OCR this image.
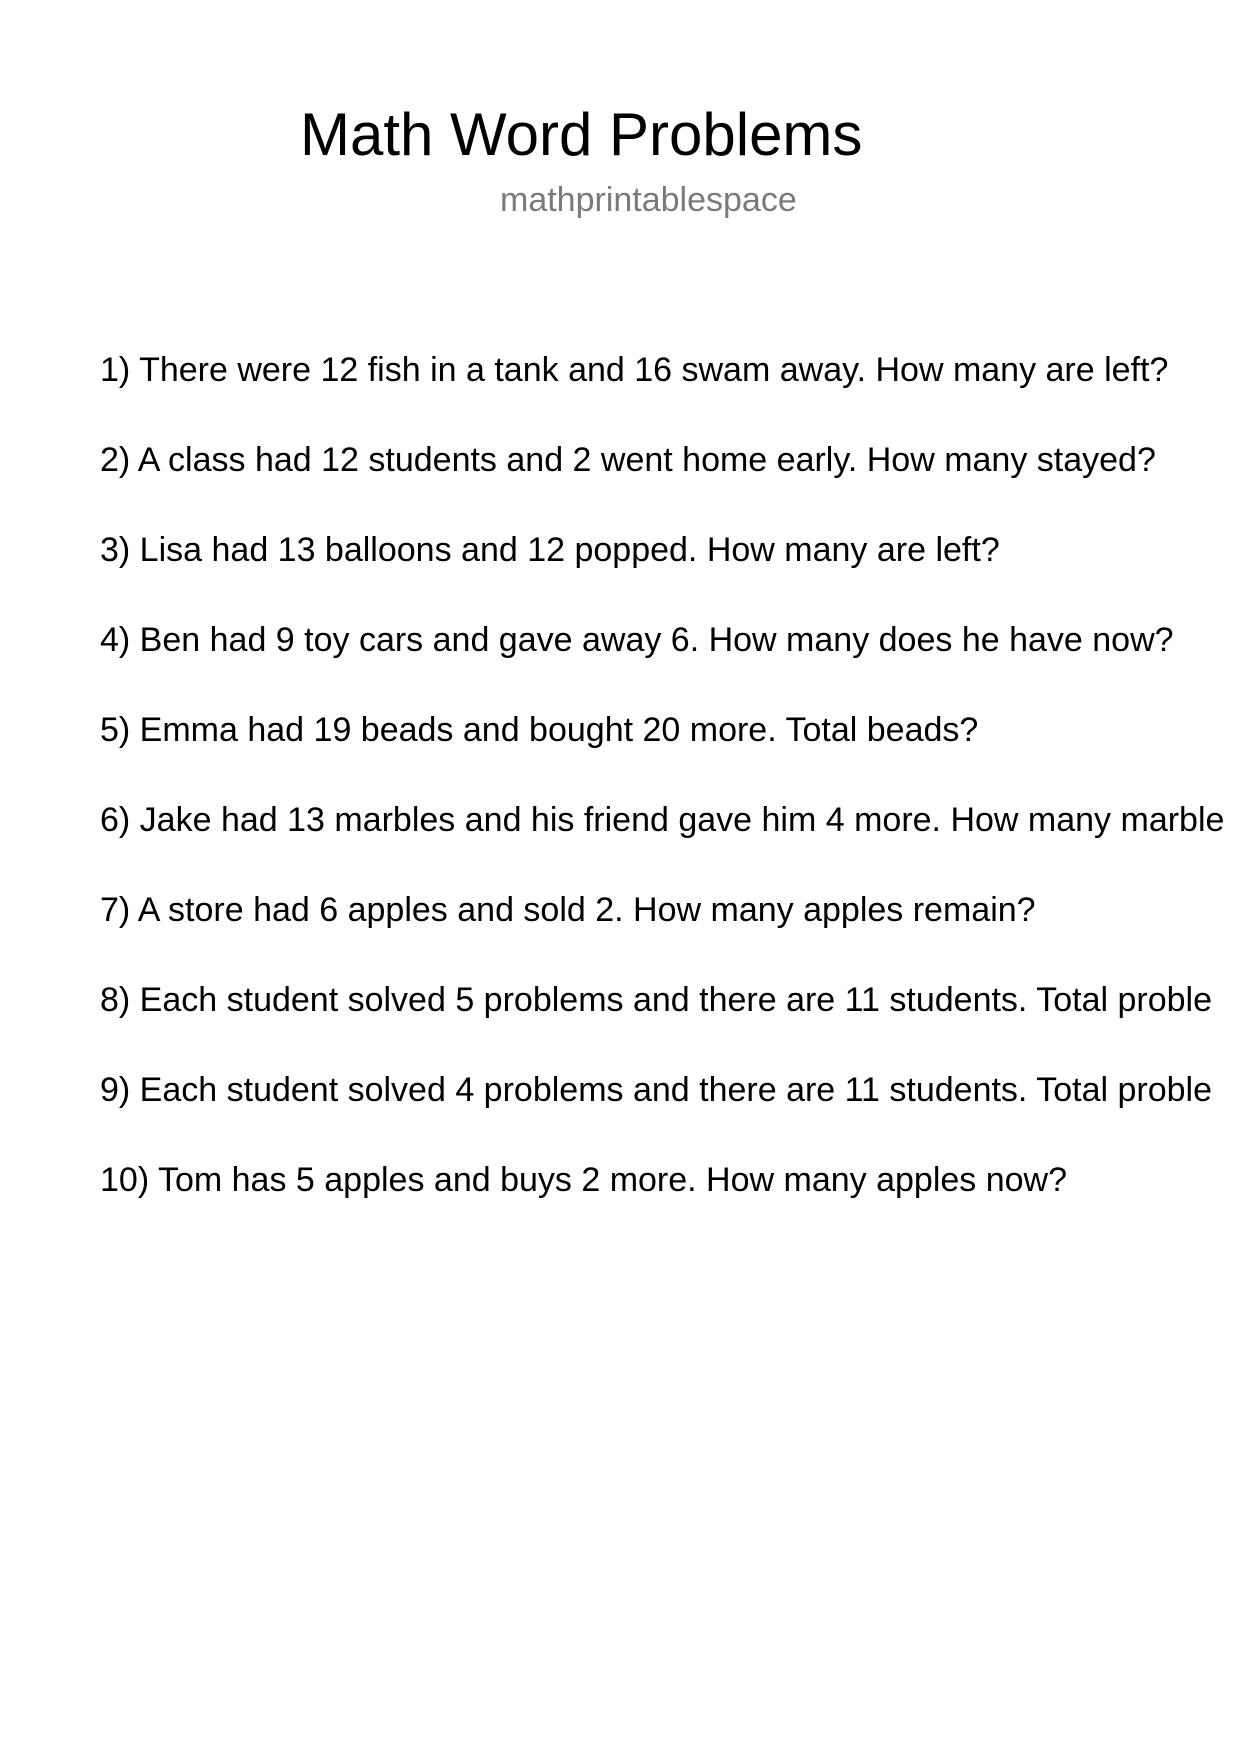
Math Word Problems
mathprintablespace
1) There were 12 fish in a tank and 16 swam away. How many are left?
2) A class had 12 students and 2 went home early. How many stayed?
3) Lisa had 13 balloons and 12 popped. How many are left?
4) Ben had 9 toy cars and gave away 6. How many does he have now?
5) Emma had 19 beads and bought 20 more. Total beads?
6) Jake had 13 marbles and his friend gave him 4 more. How many marble
7) A store had 6 apples and sold 2. How many apples remain?
8) Each student solved 5 problems and there are 11 students. Total proble
9) Each student solved 4 problems and there are 11 students. Total proble
10) Tom has 5 apples and buys 2 more. How many apples now?
